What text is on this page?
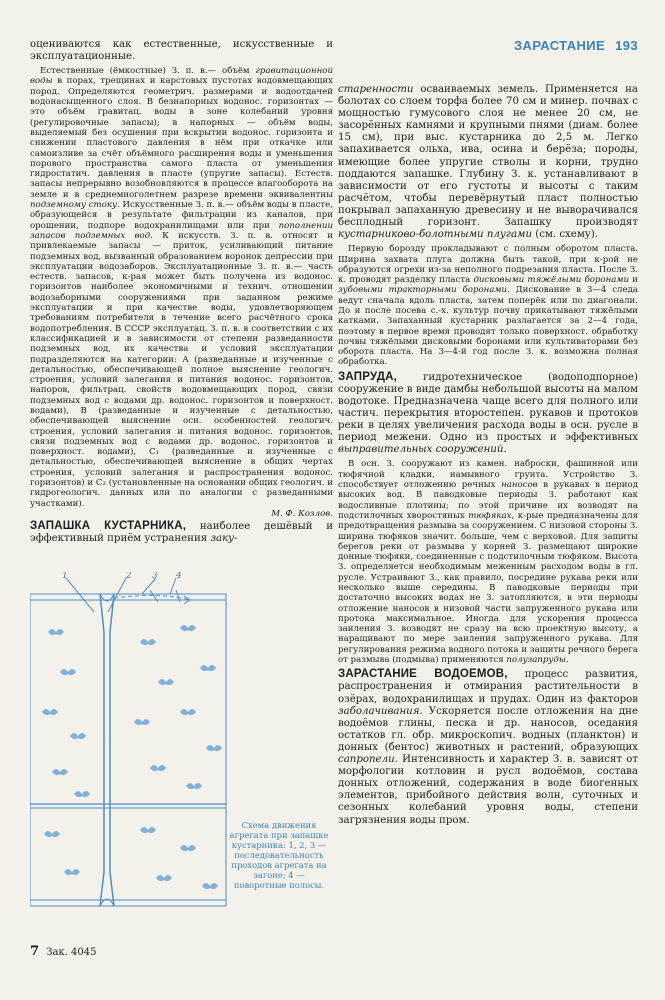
ЗАРАСТАНИЕ 193

оцениваются как естественные, искусственные и эксплуатационные.

Естественные (ёмкостные) З. п. в.— объём гравитационной воды в порах, трещинах и карстовых пустотах водовмещающих пород. Определяются геометрич. размерами и водоотдачей водонасыщенного слоя. В безнапорных водонос. горизонтах — это объём гравитац. воды в зоне колебаний уровня (регулировочные запасы); в напорных — объём воды, выделяемый без осушения при вскрытии водонос. горизонта и снижении пластового давления в нём при откачке или самоизливе за счёт объёмного расширения воды и уменьшения порового пространства самого пласта от уменьшения гидростатич. давления в пласте (упругие запасы). Естеств. запасы непрерывно возобновляются в процессе влагооборота на земле и в среднемноголетнем разрезе времени эквивалентны подземному стоку. Искусственные З. п. в.— объём воды в пласте, образующейся в результате фильтрации из каналов, при орошении, подпоре водохранилищами или при пополнении запасов подземных вод. К искусств. З. п. в. относят и привлекаемые запасы — приток, усиливающий питание подземных вод, вызванный образованием воронок депрессии при эксплуатации водозаборов. Эксплуатационные З. п. в.— часть естеств. запасов, к-рая может быть получена из водонос. горизонтов наиболее экономичными и технич. отношении водозаборными сооружениями при заданном режиме эксплуатации и при качестве воды, удовлетворяющем требованиям потребителя в течение всего расчётного срока водопотребления. В СССР эксплуатац. З. п. в. в соответствии с их классификацией и в зависимости от степени разведанности подземных вод, их качества и условий эксплуатации подразделяются на категории: А (разведанные и изученные с детальностью, обеспечивающей полное выяснение геологич. строения, условий залегания и питания водонос. горизонтов, напоров, фильтрац. свойств водовмещающих пород, связи подземных вод с водами др. водонос. горизонтов и поверхност. водами), В (разведанные и изученные с детальностью, обеспечивающей выяснение осн. особенностей геологич. строения, условий залегания и питания водонос. горизонтов, связи подземных вод с водами др. водонос. горизонтов и поверхност. водами), C₁ (разведанные и изученные с детальностью, обеспечивающей выяснение в общих чертах строения, условий залегания и распространения водонос. горизонтов) и C₂ (установленные на основании общих геологич. и гидрогеологич. данных или по аналогии с разведанными участками).

М. Ф. Козлов.

ЗАПАШКА КУСТАРНИКА, наиболее дешёвый и эффективный приём устранения заку-

1	2 3 4
Схема движения агрегата при запашке кустарника: 1, 2, 3 — последовательность проходов агрегата на загоне; 4 — поворотные полосы.

старенности осваиваемых земель. Применяется на болотах со слоем торфа более 70 см и минер. почвах с мощностью гумусового слоя не менее 20 см, не засорённых камнями и крупными пнями (диам. более 15 см), при выс. кустарника до 2,5 м. Легко запахивается ольха, ива, осина и берёза; породы, имеющие более упругие стволы и корни, трудно поддаются запашке. Глубину З. к. устанавливают в зависимости от его густоты и высоты с таким расчётом, чтобы перевёрнутый пласт полностью покрывал запаханную древесину и не выворачивался бесплодный горизонт. Запашку производят кустарниково-болотными плугами (см. схему).

Первую борозду прокладывают с полным оборотом пласта. Ширина захвата плуга должна быть такой, при к-рой не образуются огрехи из-за неполного подрезания пласта. После З. к. проводят разделку пласта дисковыми тяжёлыми боронами и зубовыми тракторными боронами. Дискование в 3—4 следа ведут сначала вдоль пласта, затем поперёк или по диагонали. До и после посева с.-х. культур почву прикатывают тяжёлыми катками. Запаханный кустарник разлагается за 2—4 года, поэтому в первое время проводят только поверхност. обработку почвы тяжёлыми дисковыми боронами или культиваторами без оборота пласта. На 3—4-й год после З. к. возможна полная обработка.

ЗАПРУДА, гидротехническое (водоподпорное) сооружение в виде дамбы небольшой высоты на малом водотоке. Предназначена чаще всего для полного или частич. перекрытия второстепен. рукавов и протоков реки в целях увеличения расхода воды в осн. русле в период межени. Одно из простых и эффективных выправительных сооружений.

В осн. З. сооружают из камен. наброски, фашинной или тюфячной кладки, намывного грунта. Устройство З. способствует отложению речных наносов в рукавах в период высоких вод. В паводковые периоды З. работают как водосливные плотины; по этой причине их возводят на подстилочных хворостяных тюфяках, к-рые предназначены для предотвращения размыва за сооружением. С низовой стороны З. ширина тюфяков значит. больше, чем с верховой. Для защиты берегов реки от размыва у корней З. размещают широкие донные тюфяки, соединенные с подстилочным тюфяком. Высота З. определяется необходимым меженным расходом воды в гл. русле. Устраивают З., как правило, посредине рукава реки или несколько выше середины. В паводковые периоды при достаточно высоких водах не З. затопляются, в эти периоды отложение наносов в низовой части запруженного рукава или протока максимальное. Иногда для ускорения процесса заиления З. возводят не сразу на всю проектную высоту, а наращивают по мере заиления запруженного рукава. Для регулирования режима водного потока и защиты речного берега от размыва (подмыва) применяются полузапруды.

ЗАРАСТАНИЕ ВОДОЕМОВ, процесс развития, распространения и отмирания растительности в озёрах, водохранилищах и прудах. Один из факторов заболачивания. Ускоряется после отложения на дне водоёмов глины, песка и др. наносов, оседания остатков гл. обр. микроскопич. водных (планктон) и донных (бентос) животных и растений, образующих сапропели. Интенсивность и характер З. в. зависят от морфологии котловин и русл водоёмов, состава донных отложений, содержания в воде биогенных элементов, прибойного действия волн, суточных и сезонных колебаний уровня воды, степени загрязнения воды пром.

7 Зак. 4045
